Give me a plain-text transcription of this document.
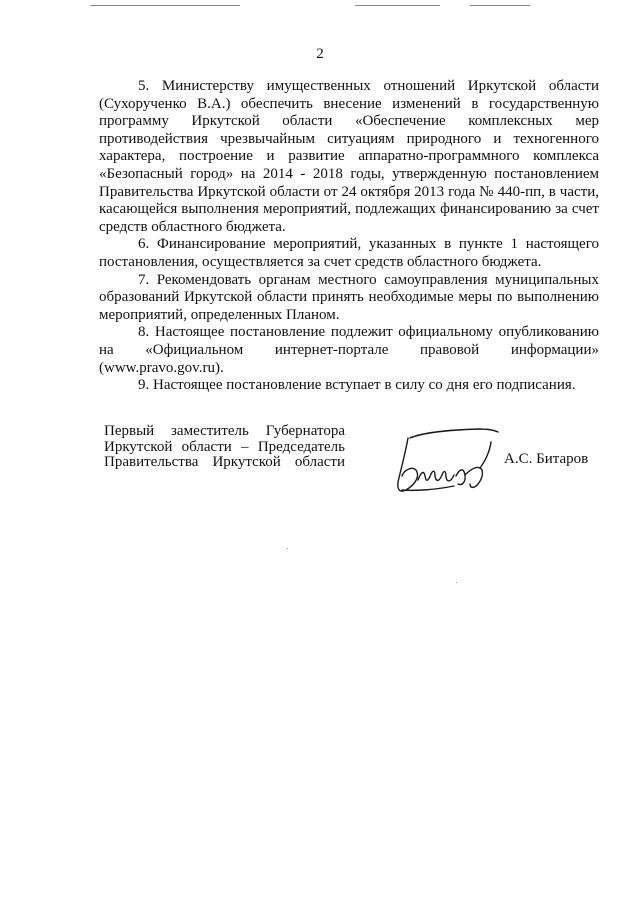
2

5. Министерству имущественных отношений Иркутской области (Сухорученко В.А.) обеспечить внесение изменений в государственную программу Иркутской области «Обеспечение комплексных мер противодействия чрезвычайным ситуациям природного и техногенного характера, построение и развитие аппаратно-программного комплекса «Безопасный город» на 2014 - 2018 годы, утвержденную постановлением Правительства Иркутской области от 24 октября 2013 года № 440-пп, в части, касающейся выполнения мероприятий, подлежащих финансированию за счет средств областного бюджета.

6. Финансирование мероприятий, указанных в пункте 1 настоящего постановления, осуществляется за счет средств областного бюджета.

7. Рекомендовать органам местного самоуправления муниципальных образований Иркутской области принять необходимые меры по выполнению мероприятий, определенных Планом.

8. Настоящее постановление подлежит официальному опубликованию на «Официальном интернет-портале правовой информации» (www.pravo.gov.ru).

9. Настоящее постановление вступает в силу со дня его подписания.

Первый заместитель Губернатора
Иркутской области – Председатель
Правительства Иркутской области	А.С. Битаров
